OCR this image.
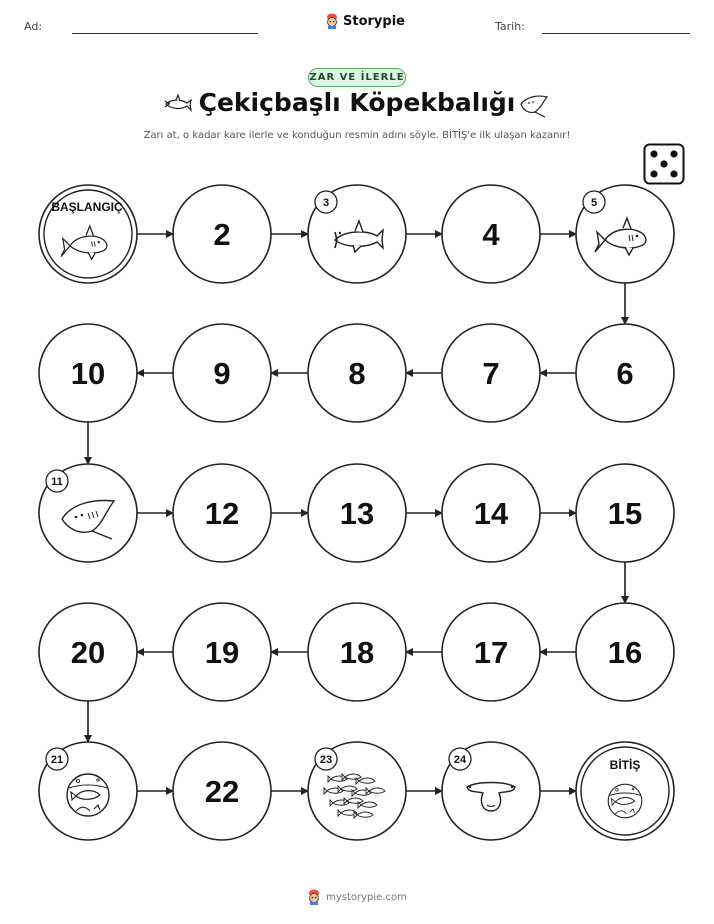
Ad:	Storypie	Tarih:
ZAR VE İLERLE
Çekiçbaşlı Köpekbalığı
Zarı at, o kadar kare ilerle ve konduğun resmin adını söyle. BİTİŞ'e ilk ulaşan kazanır!
BAŞLANGIÇ
2
3
4
5
6
7
8
9
10
11
12	13	14	15
16
17
18
19
20
21
22
23	24	BİTİŞ
mystorypie.com
